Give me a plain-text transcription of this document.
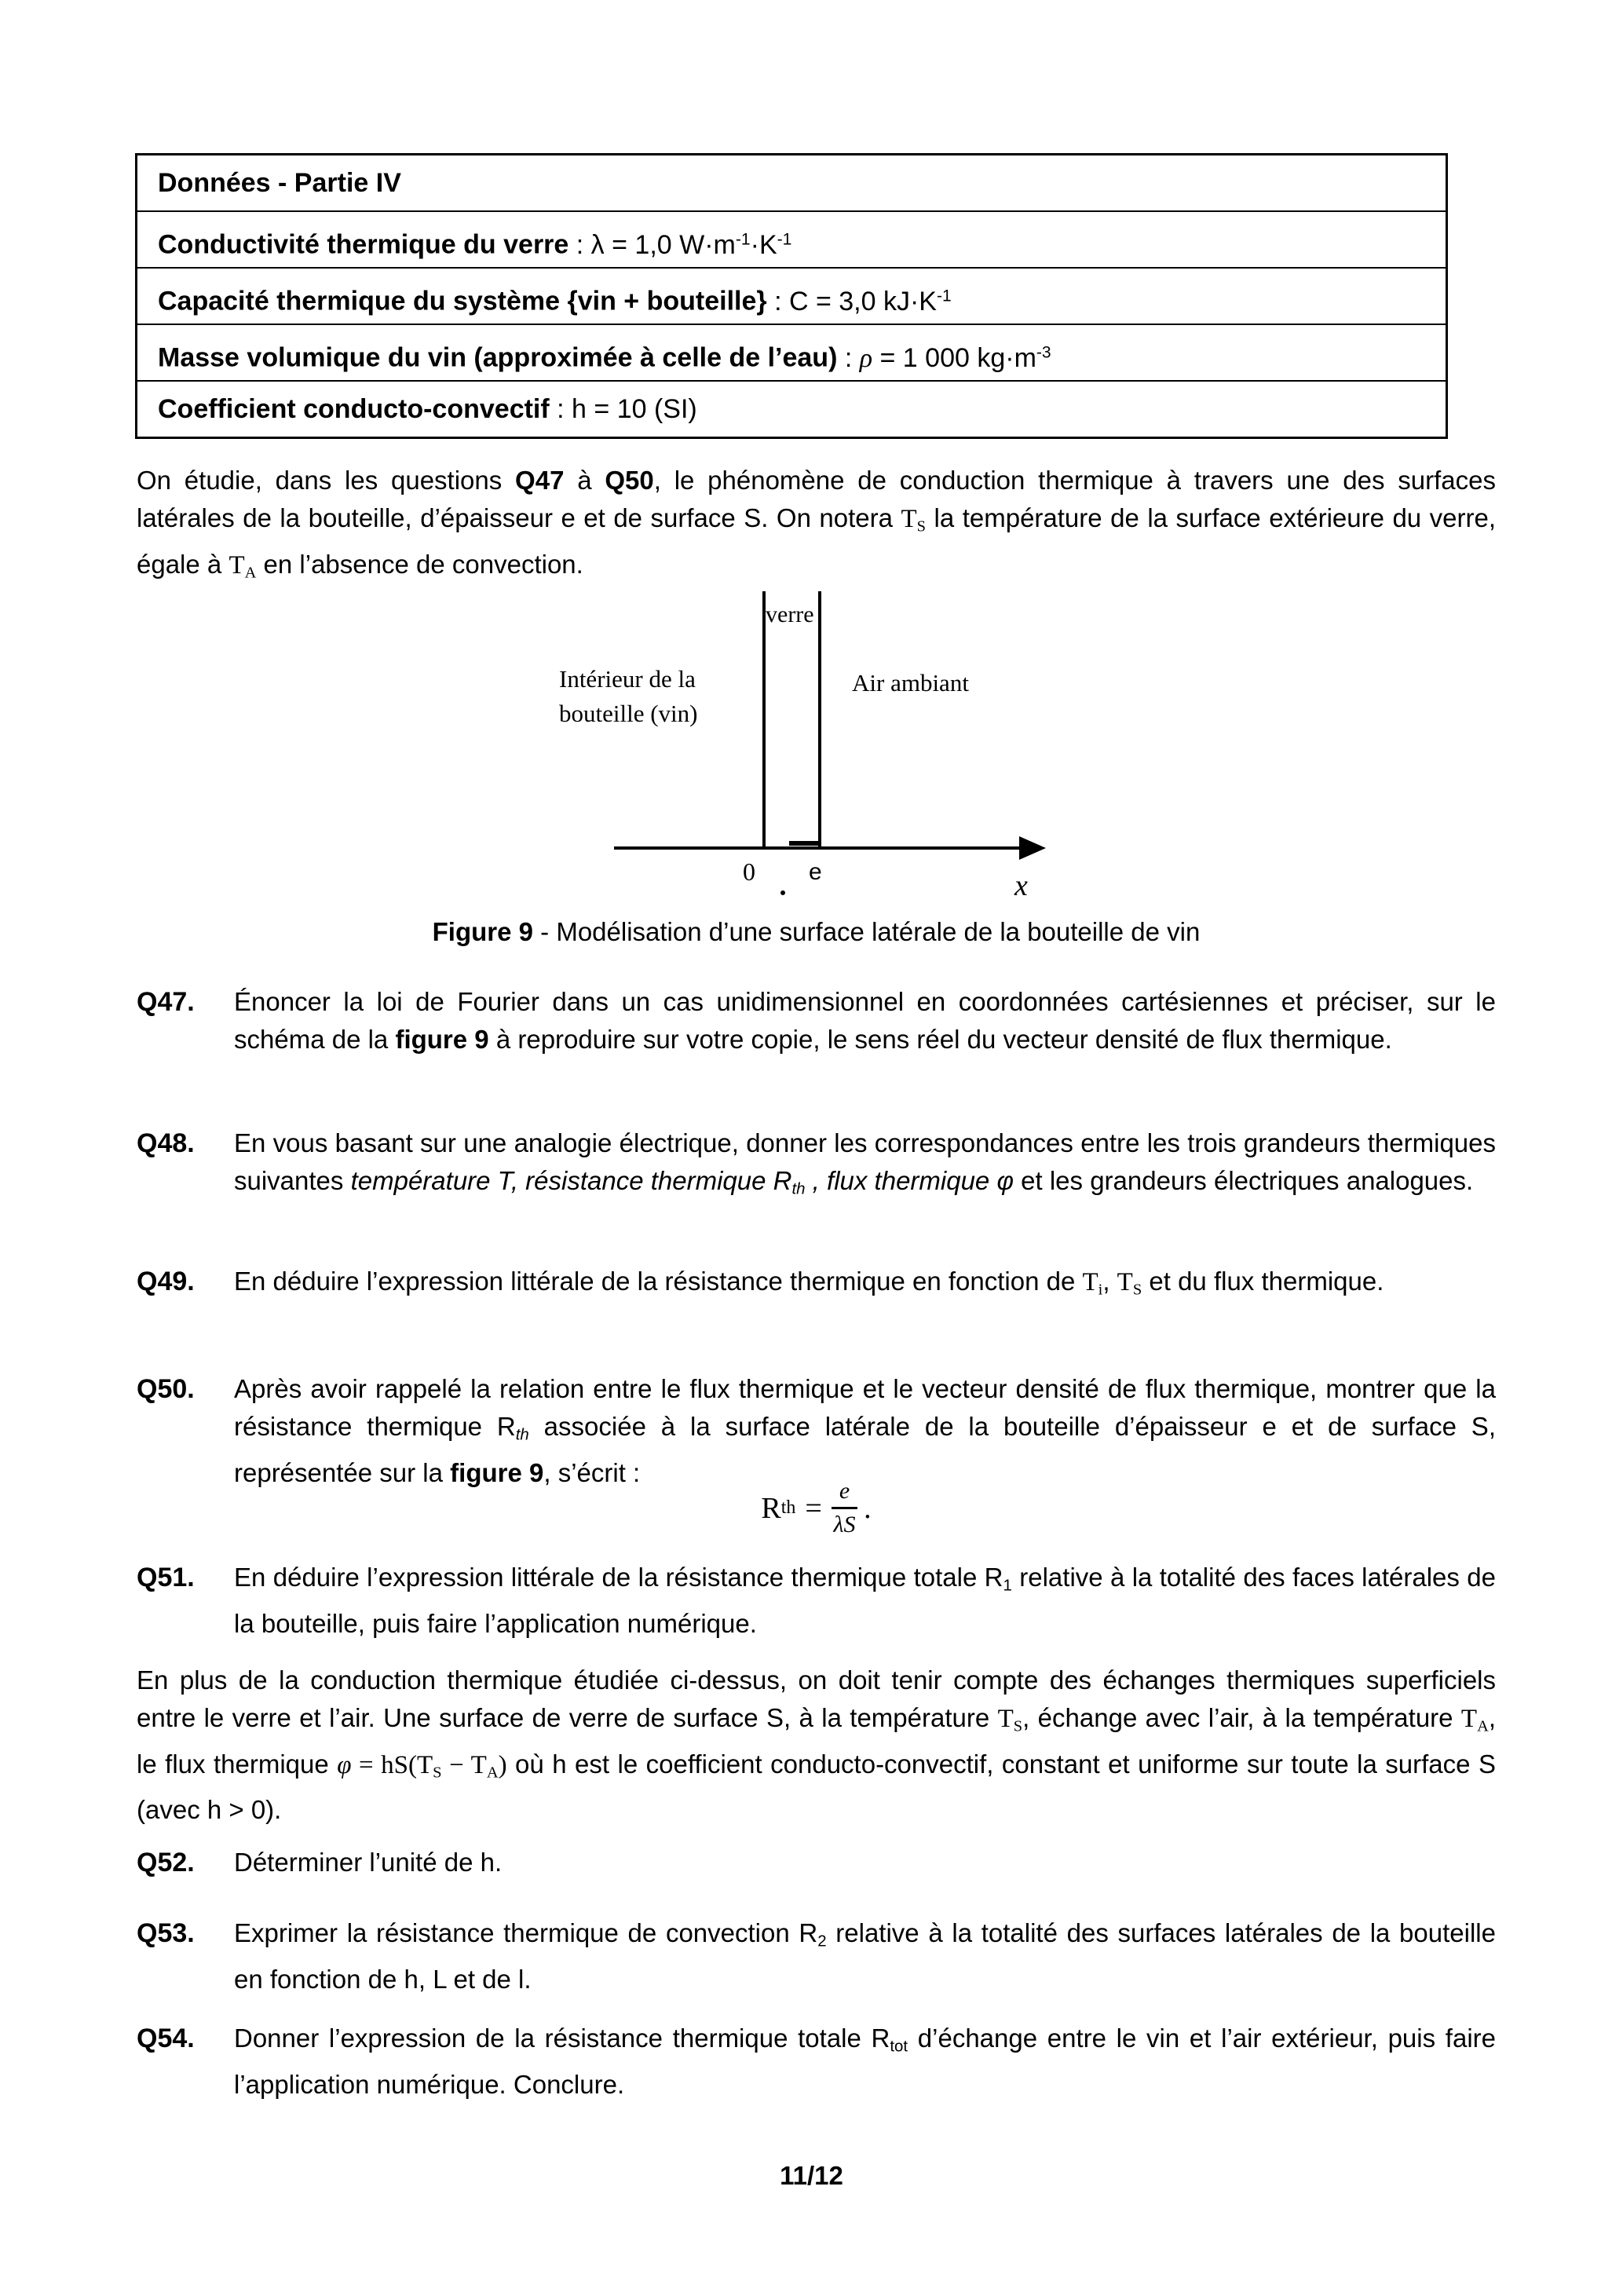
Données - Partie IV
Conductivité thermique du verre : λ = 1,0 $W\cdot m^{-1}\cdot K^{-1}$
Capacité thermique du système {vin + bouteille} : C = 3,0 $kJ\cdot K^{-1}$
Masse volumique du vin (approximée à celle de l’eau) : ρ = 1 000 $kg\cdot m^{-3}$
Coefficient conducto-convectif : h = 10 (SI)
On étudie, dans les questions Q47 à Q50, le phénomène de conduction thermique à travers une des surfaces latérales de la bouteille, d’épaisseur e et de surface S. On notera $T_S$ la température de la surface extérieure du verre, égale à $T_A$ en l’absence de convection.
verre
Intérieur de la
bouteille (vin)
Air ambiant
0 e	x
Figure 9 - Modélisation d’une surface latérale de la bouteille de vin
Q47. Énoncer la loi de Fourier dans un cas unidimensionnel en coordonnées cartésiennes et préciser, sur le schéma de la figure 9 à reproduire sur votre copie, le sens réel du vecteur densité de flux thermique.
Q48. En vous basant sur une analogie électrique, donner les correspondances entre les trois grandeurs thermiques suivantes température T, résistance thermique $R_{th}$ , flux thermique φ et les grandeurs électriques analogues.
Q49. En déduire l’expression littérale de la résistance thermique en fonction de $T_i$, $T_S$ et du flux thermique.
Q50. Après avoir rappelé la relation entre le flux thermique et le vecteur densité de flux thermique, montrer que la résistance thermique $R_{th}$ associée à la surface latérale de la bouteille d’épaisseur e et de surface S, représentée sur la figure 9, s’écrit :
R th = $\frac{e}{\lambda S}$ .
Q51. En déduire l’expression littérale de la résistance thermique totale $R_1$ relative à la totalité des faces latérales de la bouteille, puis faire l’application numérique.
En plus de la conduction thermique étudiée ci-dessus, on doit tenir compte des échanges thermiques superficiels entre le verre et l’air. Une surface de verre de surface S, à la température $T_S$, échange avec l’air, à la température $T_A$, le flux thermique $\varphi = hS(T_S - T_A)$ où h est le coefficient conducto-convectif, constant et uniforme sur toute la surface S (avec h > 0).
Q52. Déterminer l’unité de h.
Q53. Exprimer la résistance thermique de convection $R_2$ relative à la totalité des surfaces latérales de la bouteille en fonction de h, L et de l.
Q54. Donner l’expression de la résistance thermique totale $R_{tot}$ d’échange entre le vin et l’air extérieur, puis faire l’application numérique. Conclure.
11/12
